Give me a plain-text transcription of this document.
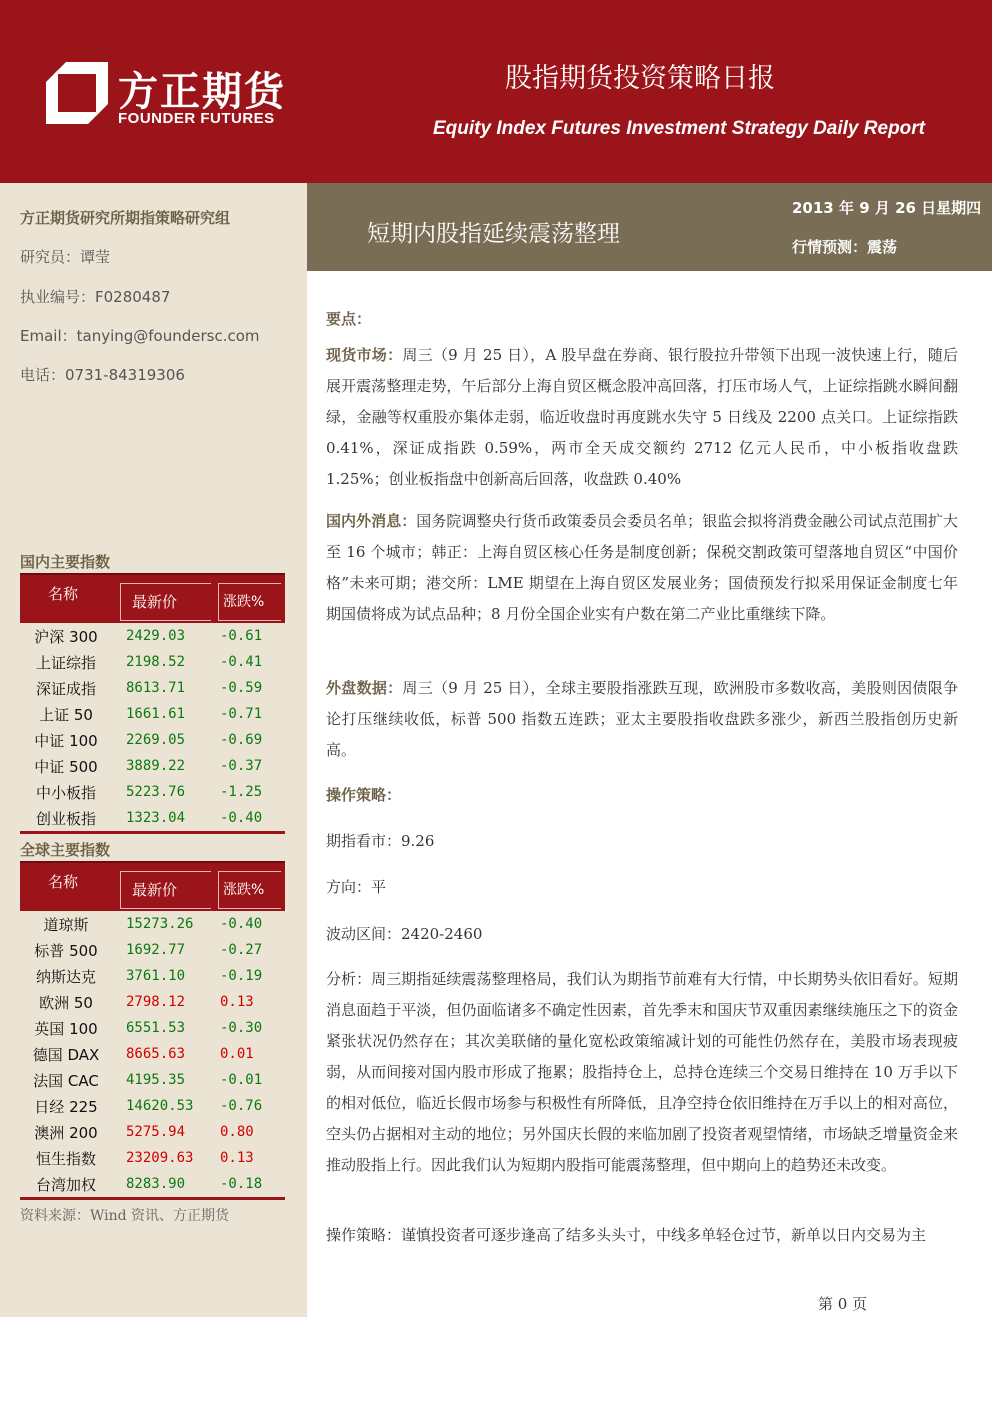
方正期货
FOUNDER FUTURES
股指期货投资策略日报
Equity Index Futures Investment Strategy Daily Report
方正期货研究所期指策略研究组
研究员：谭莹
执业编号：F0280487
Email：tanying@foundersc.com
电话：0731-84319306
国内主要指数
名称	最新价	涨跌%
沪深 300	2429.03 -0.61
上证综指	2198.52 -0.41
深证成指	8613.71 -0.59
上证 50	1661.61 -0.71
中证 100	2269.05 -0.69
中证 500	3889.22 -0.37
中小板指	5223.76 -1.25
创业板指	1323.04 -0.40
全球主要指数
名称	最新价	涨跌%
道琼斯	15273.26 -0.40
标普 500	1692.77 -0.27
纳斯达克	3761.10 -0.19
欧洲 50	2798.12 0.13
英国 100	6551.53 -0.30
德国 DAX	8665.63 0.01
法国 CAC	4195.35 -0.01
日经 225	14620.53 -0.76
澳洲 200	5275.94 0.80
恒生指数	23209.63 0.13
台湾加权	8283.90 -0.18
资料来源：Wind 资讯、方正期货
短期内股指延续震荡整理
2013 年 9 月 26 日星期四
行情预测：震荡

要点：

现货市场：周三（9 月 25 日），A 股早盘在券商、银行股拉升带领下出现一波快速上行，随后展开震荡整理走势，午后部分上海自贸区概念股冲高回落，打压市场人气，上证综指跳水瞬间翻绿，金融等权重股亦集体走弱，临近收盘时再度跳水失守 5 日线及 2200 点关口。上证综指跌 0.41%，深证成指跌 0.59%，两市全天成交额约 2712 亿元人民币，中小板指收盘跌 1.25%；创业板指盘中创新高后回落，收盘跌 0.40%

国内外消息：国务院调整央行货币政策委员会委员名单；银监会拟将消费金融公司试点范围扩大至 16 个城市；韩正：上海自贸区核心任务是制度创新；保税交割政策可望落地自贸区“中国价格”未来可期；港交所：LME 期望在上海自贸区发展业务；国债预发行拟采用保证金制度七年期国债将成为试点品种；8 月份全国企业实有户数在第二产业比重继续下降。

外盘数据：周三（9 月 25 日），全球主要股指涨跌互现，欧洲股市多数收高，美股则因债限争论打压继续收低，标普 500 指数五连跌；亚太主要股指收盘跌多涨少，新西兰股指创历史新高。

操作策略：

期指看市：9.26

方向：平

波动区间：2420-2460

分析：周三期指延续震荡整理格局，我们认为期指节前难有大行情，中长期势头依旧看好。短期消息面趋于平淡，但仍面临诸多不确定性因素，首先季末和国庆节双重因素继续施压之下的资金紧张状况仍然存在；其次美联储的量化宽松政策缩减计划的可能性仍然存在，美股市场表现疲弱，从而间接对国内股市形成了拖累；股指持仓上，总持仓连续三个交易日维持在 10 万手以下的相对低位，临近长假市场参与积极性有所降低，且净空持仓依旧维持在万手以上的相对高位，空头仍占据相对主动的地位；另外国庆长假的来临加剧了投资者观望情绪，市场缺乏增量资金来推动股指上行。因此我们认为短期内股指可能震荡整理，但中期向上的趋势还未改变。

操作策略：谨慎投资者可逐步逢高了结多头头寸，中线多单轻仓过节，新单以日内交易为主

第 0 页
